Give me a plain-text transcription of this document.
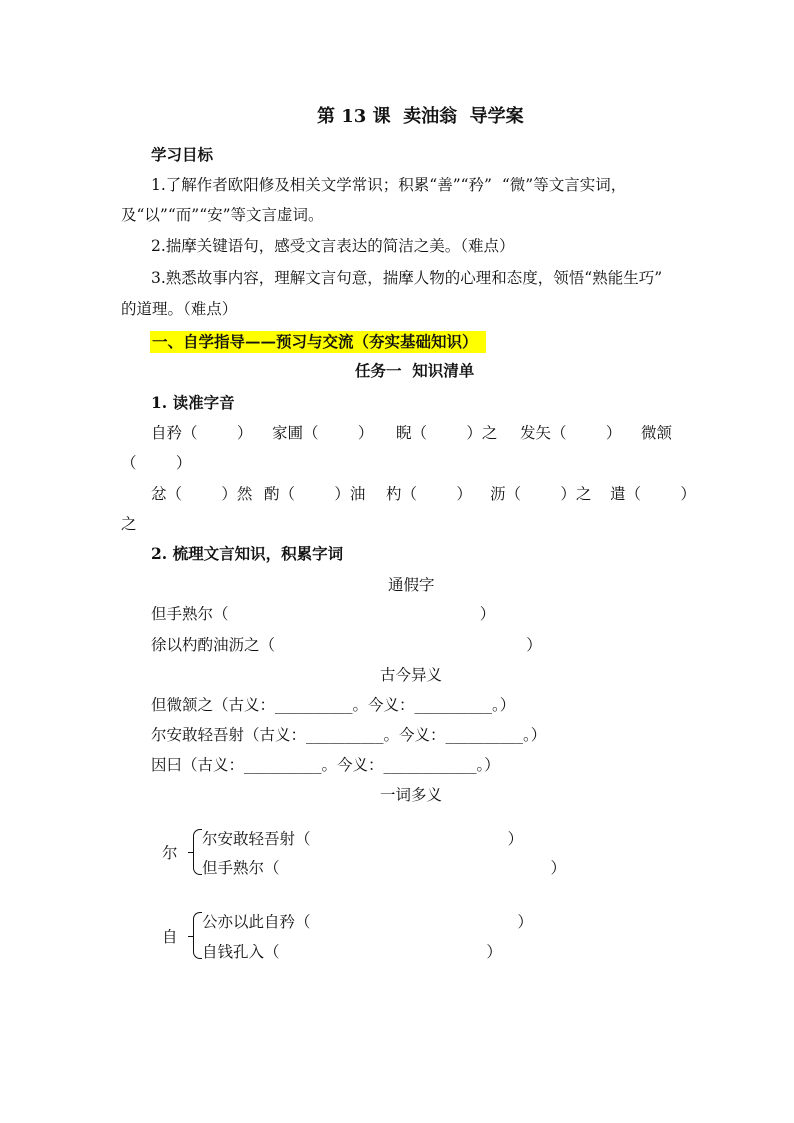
第 13 课  卖油翁  导学案
学习目标
1.了解作者欧阳修及相关文学常识；积累“善”“矜”  “微”等文言实词，
及“以”“而”“安”等文言虚词。
2.揣摩关键语句，感受文言表达的简洁之美。（难点）
3.熟悉故事内容，理解文言句意，揣摩人物的心理和态度，领悟“熟能生巧”
的道理。（难点）
一、自学指导——预习与交流（夯实基础知识）
任务一  知识清单
1. 读准字音
自矜（        ） 家圃（        ） 睨（        ）之 发矢（        ） 微颔
（        ）
忿（        ）然 酌（        ）油 杓（        ） 沥（        ）之 遣（        ）
之
2. 梳理文言知识，积累字词
通假字
但手熟尔（                                                   ）
徐以杓酌油沥之（                                                   ）
古今异义
但微颔之（古义：__________。今义：__________。）
尔安敢轻吾射（古义：__________。今义：__________。）
因曰（古义：__________。今义：____________。）
一词多义
尔
尔安敢轻吾射（                                        ）
但手熟尔（                                                       ）
自
公亦以此自矜（                                          ）
自钱孔入（                                          ）
